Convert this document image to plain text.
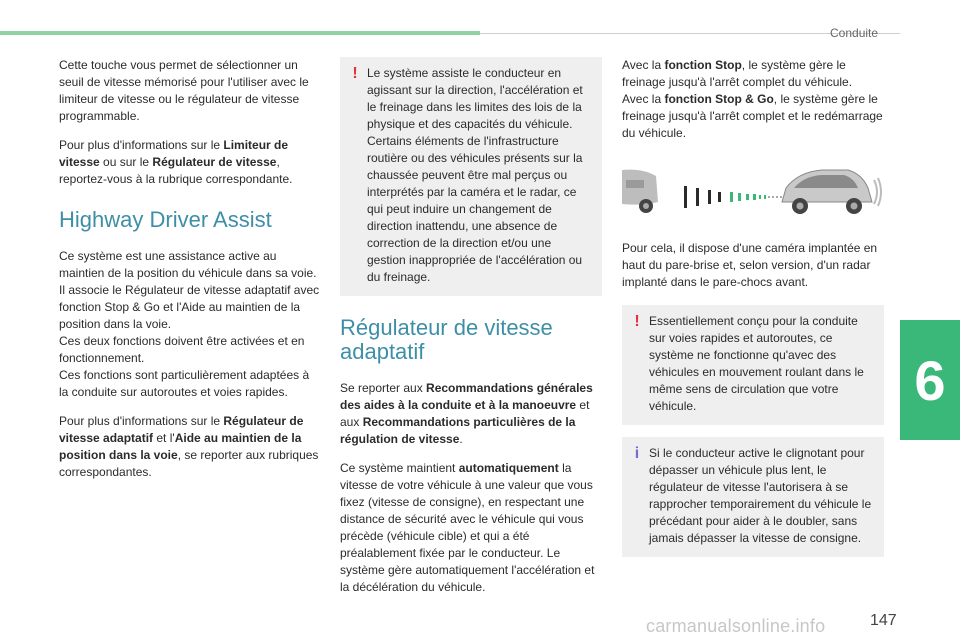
Conduite
6
147
carmanualsonline.info

Cette touche vous permet de sélectionner un seuil de vitesse mémorisé pour l'utiliser avec le limiteur de vitesse ou le régulateur de vitesse programmable.

Pour plus d'informations sur le Limiteur de vitesse ou sur le Régulateur de vitesse, reportez-vous à la rubrique correspondante.

Highway Driver Assist

Ce système est une assistance active au maintien de la position du véhicule dans sa voie.
Il associe le Régulateur de vitesse adaptatif avec fonction Stop & Go et l'Aide au maintien de la position dans la voie.
Ces deux fonctions doivent être activées et en fonctionnement.
Ces fonctions sont particulièrement adaptées à la conduite sur autoroutes et voies rapides.

Pour plus d'informations sur le Régulateur de vitesse adaptatif et l'Aide au maintien de la position dans la voie, se reporter aux rubriques correspondantes.

! Le système assiste le conducteur en agissant sur la direction, l'accélération et le freinage dans les limites des lois de la physique et des capacités du véhicule. Certains éléments de l'infrastructure routière ou des véhicules présents sur la chaussée peuvent être mal perçus ou interprétés par la caméra et le radar, ce qui peut induire un changement de direction inattendu, une absence de correction de la direction et/ou une gestion inappropriée de l'accélération ou du freinage.
Régulateur de vitesse adaptatif

Se reporter aux Recommandations générales des aides à la conduite et à la manoeuvre et aux Recommandations particulières de la régulation de vitesse.

Ce système maintient automatiquement la vitesse de votre véhicule à une valeur que vous fixez (vitesse de consigne), en respectant une distance de sécurité avec le véhicule qui vous précède (véhicule cible) et qui a été préalablement fixée par le conducteur. Le système gère automatiquement l'accélération et la décélération du véhicule.

Avec la fonction Stop, le système gère le freinage jusqu'à l'arrêt complet du véhicule.

Avec la fonction Stop & Go, le système gère le freinage jusqu'à l'arrêt complet et le redémarrage du véhicule.

Pour cela, il dispose d'une caméra implantée en haut du pare-brise et, selon version, d'un radar implanté dans le pare-chocs avant.

! Essentiellement conçu pour la conduite sur voies rapides et autoroutes, ce système ne fonctionne qu'avec des véhicules en mouvement roulant dans le même sens de circulation que votre véhicule.
i Si le conducteur active le clignotant pour dépasser un véhicule plus lent, le régulateur de vitesse l'autorisera à se rapprocher temporairement du véhicule le précédant pour aider à le doubler, sans jamais dépasser la vitesse de consigne.
